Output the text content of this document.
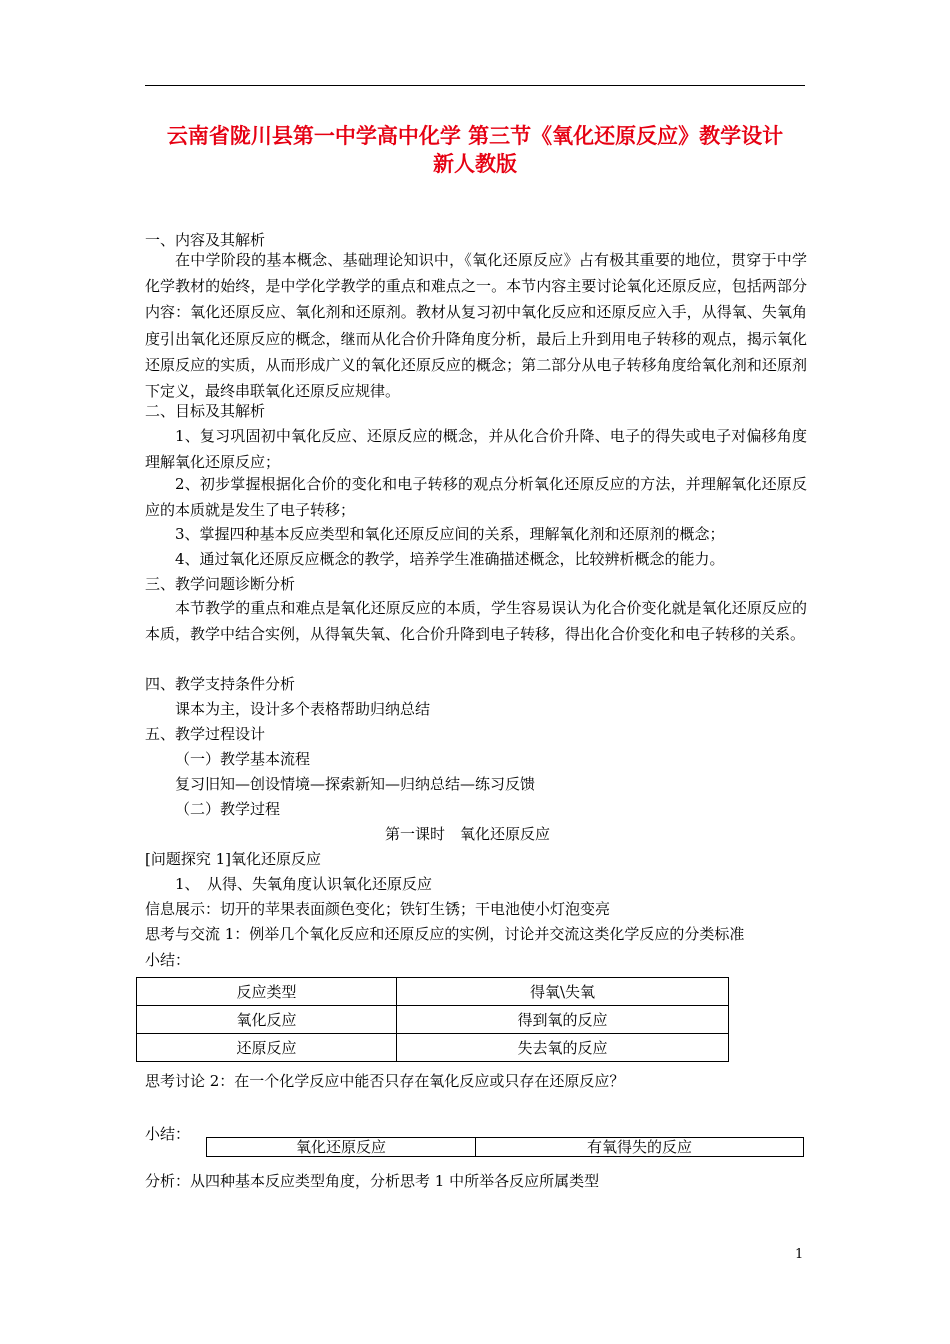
云南省陇川县第一中学高中化学 第三节《氧化还原反应》教学设计
新人教版
一、内容及其解析

在中学阶段的基本概念、基础理论知识中，《氧化还原反应》占有极其重要的地位，贯穿于中学化学教材的始终，是中学化学教学的重点和难点之一。本节内容主要讨论氧化还原反应，包括两部分内容：氧化还原反应、氧化剂和还原剂。教材从复习初中氧化反应和还原反应入手，从得氧、失氧角度引出氧化还原反应的概念，继而从化合价升降角度分析，最后上升到用电子转移的观点，揭示氧化还原反应的实质，从而形成广义的氧化还原反应的概念；第二部分从电子转移角度给氧化剂和还原剂下定义，最终串联氧化还原反应规律。

二、目标及其解析

1、复习巩固初中氧化反应、还原反应的概念，并从化合价升降、电子的得失或电子对偏移角度理解氧化还原反应；

2、初步掌握根据化合价的变化和电子转移的观点分析氧化还原反应的方法，并理解氧化还原反应的本质就是发生了电子转移；

3、掌握四种基本反应类型和氧化还原反应间的关系，理解氧化剂和还原剂的概念；
4、通过氧化还原反应概念的教学，培养学生准确描述概念，比较辨析概念的能力。
三、教学问题诊断分析

本节教学的重点和难点是氧化还原反应的本质，学生容易误认为化合价变化就是氧化还原反应的本质，教学中结合实例，从得氧失氧、化合价升降到电子转移，得出化合价变化和电子转移的关系。

四、教学支持条件分析
课本为主，设计多个表格帮助归纳总结
五、教学过程设计
（一）教学基本流程
复习旧知—创设情境—探索新知—归纳总结—练习反馈
（二）教学过程
第一课时　氧化还原反应
[问题探究 1]氧化还原反应
1、　从得、失氧角度认识氧化还原反应
信息展示：切开的苹果表面颜色变化；铁钉生锈；干电池使小灯泡变亮
思考与交流 1：例举几个氧化反应和还原反应的实例，讨论并交流这类化学反应的分类标准
小结：
反应类型	得氧\失氧
氧化反应	得到氧的反应
还原反应	失去氧的反应
思考讨论 2：在一个化学反应中能否只存在氧化反应或只存在还原反应？
小结：
氧化还原反应	有氧得失的反应
分析：从四种基本反应类型角度，分析思考 1 中所举各反应所属类型
1
